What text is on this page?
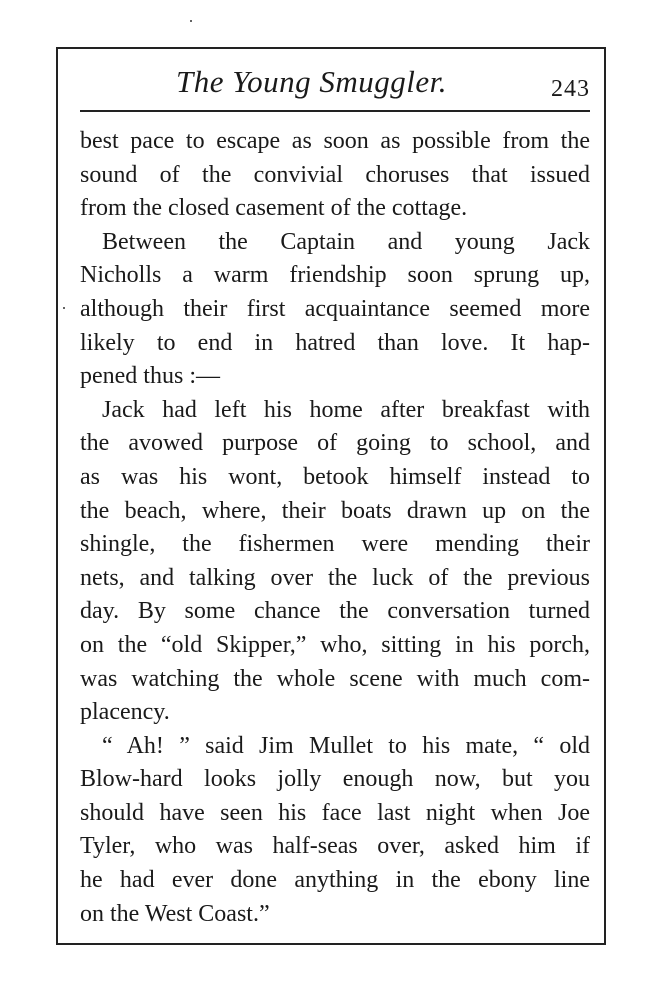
The Young Smuggler.	243
best pace to escape as soon as possible from the
sound of the convivial choruses that issued
from the closed casement of the cottage.
Between the Captain and young Jack
Nicholls a warm friendship soon sprung up,
although their first acquaintance seemed more
likely to end in hatred than love. It hap-
pened thus :—
Jack had left his home after breakfast with
the avowed purpose of going to school, and
as was his wont, betook himself instead to
the beach, where, their boats drawn up on the
shingle, the fishermen were mending their
nets, and talking over the luck of the previous
day. By some chance the conversation turned
on the “old Skipper,” who, sitting in his porch,
was watching the whole scene with much com-
placency.
“ Ah! ” said Jim Mullet to his mate, “ old
Blow-hard looks jolly enough now, but you
should have seen his face last night when Joe
Tyler, who was half-seas over, asked him if
he had ever done anything in the ebony line
on the West Coast.”
